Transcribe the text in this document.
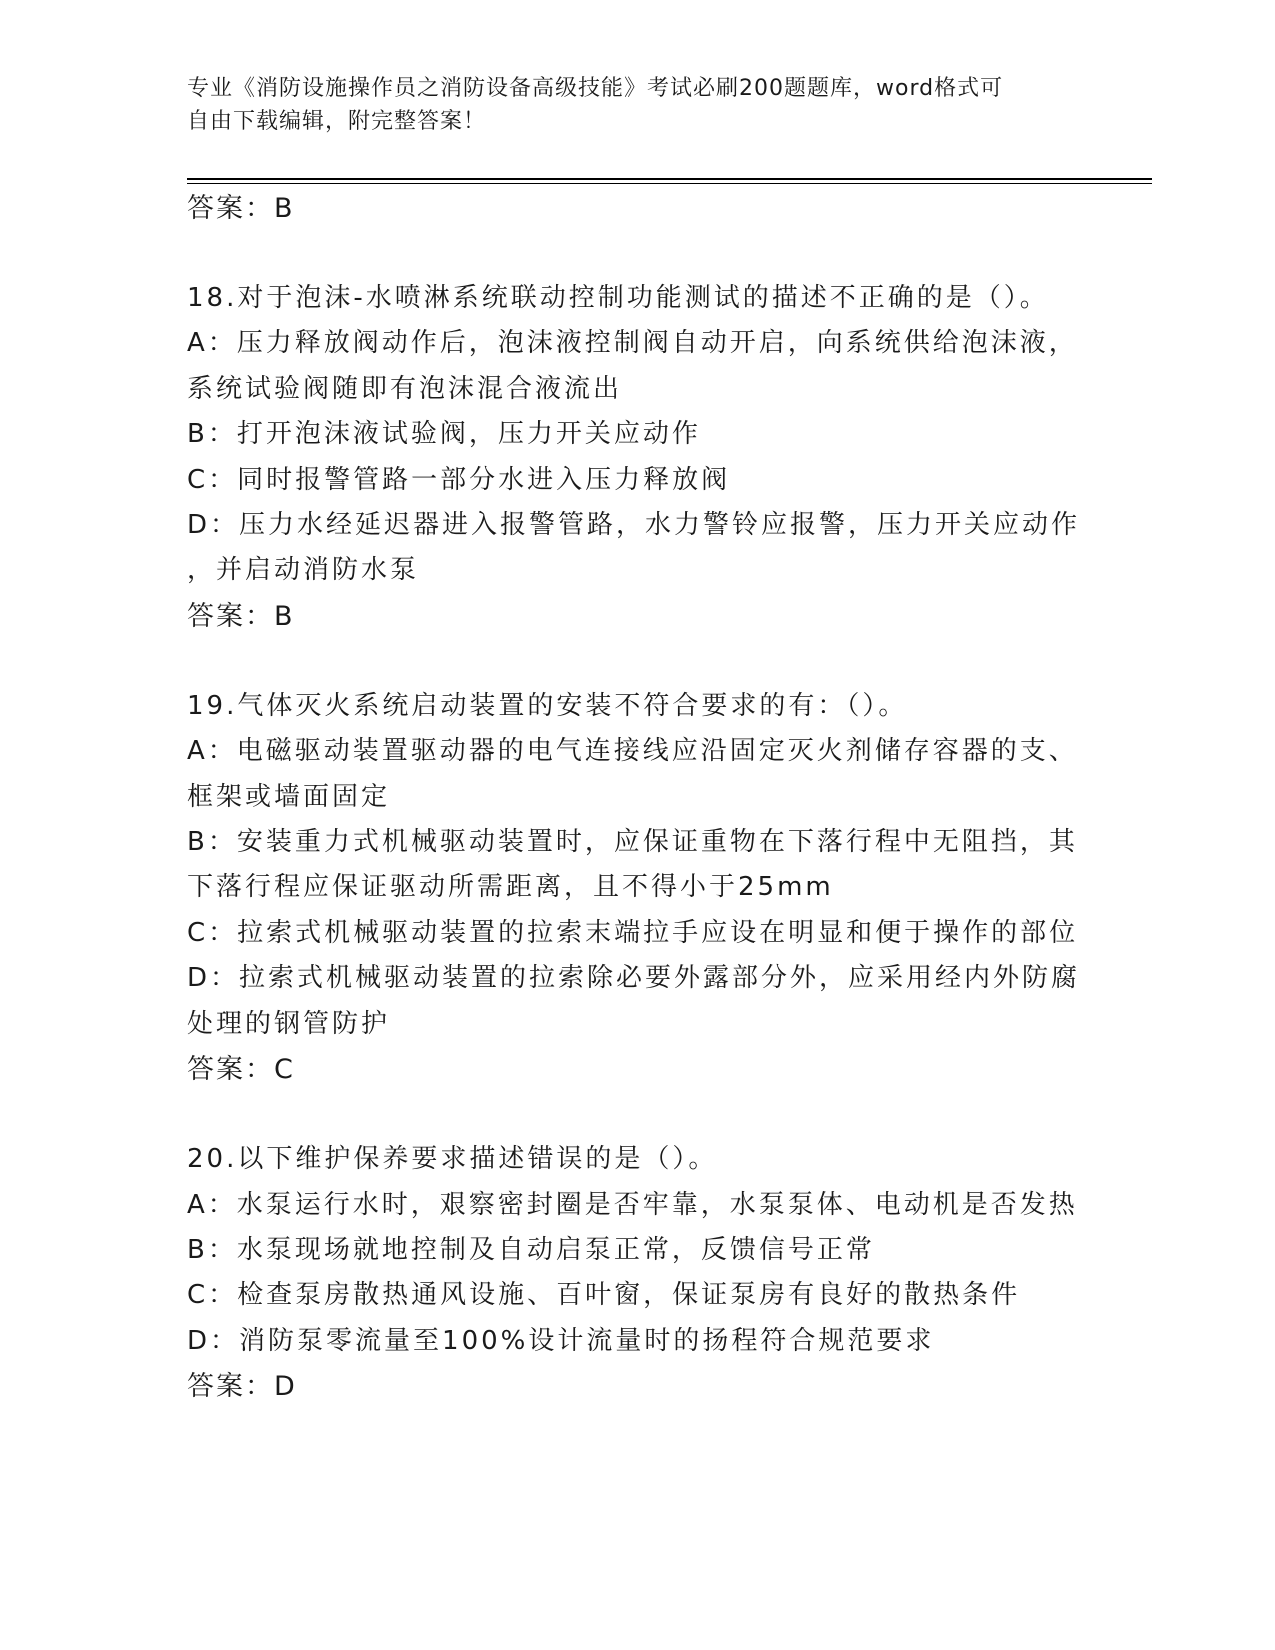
专业《消防设施操作员之消防设备高级技能》考试必刷200题题库，word格式可
自由下载编辑，附完整答案！
答案：B
18.对于泡沫-水喷淋系统联动控制功能测试的描述不正确的是（）。
A：压力释放阀动作后，泡沫液控制阀自动开启，向系统供给泡沫液，
系统试验阀随即有泡沫混合液流出
B：打开泡沫液试验阀，压力开关应动作
C：同时报警管路一部分水进入压力释放阀
D：压力水经延迟器进入报警管路，水力警铃应报警，压力开关应动作
，并启动消防水泵
答案：B
19.气体灭火系统启动装置的安装不符合要求的有：（）。
A：电磁驱动装置驱动器的电气连接线应沿固定灭火剂储存容器的支、
框架或墙面固定
B：安装重力式机械驱动装置时，应保证重物在下落行程中无阻挡，其
下落行程应保证驱动所需距离，且不得小于25mm
C：拉索式机械驱动装置的拉索末端拉手应设在明显和便于操作的部位
D：拉索式机械驱动装置的拉索除必要外露部分外，应采用经内外防腐
处理的钢管防护
答案：C
20.以下维护保养要求描述错误的是（）。
A：水泵运行水时，艰察密封圈是否牢靠，水泵泵体、电动机是否发热
B：水泵现场就地控制及自动启泵正常，反馈信号正常
C：检查泵房散热通风设施、百叶窗，保证泵房有良好的散热条件
D：消防泵零流量至100%设计流量时的扬程符合规范要求
答案：D
